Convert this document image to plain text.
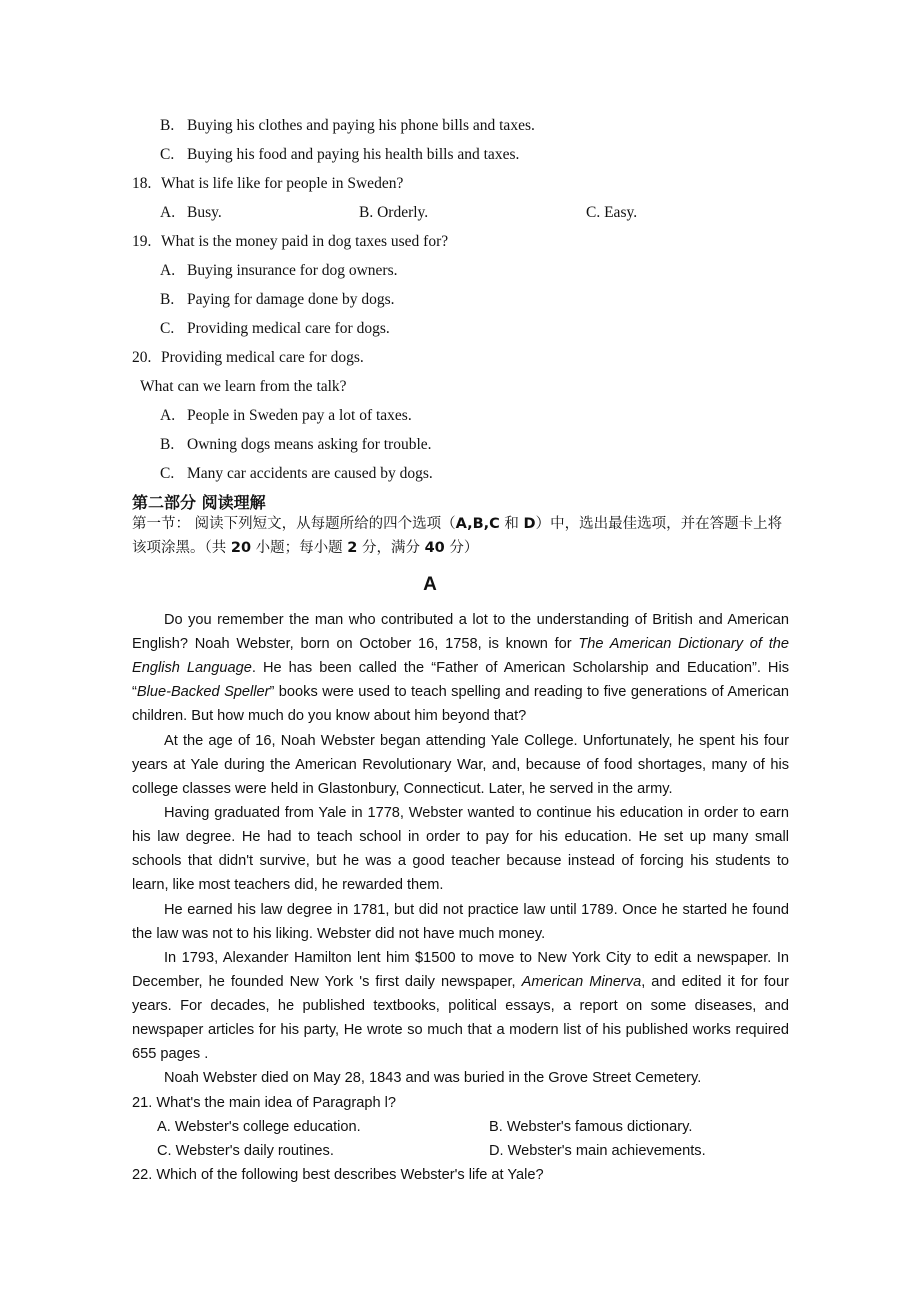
B. Buying his clothes and paying his phone bills and taxes.
C. Buying his food and paying his health bills and taxes.
18. What is life like for people in Sweden?
A. Busy.	B. Orderly.	C. Easy.
19. What is the money paid in dog taxes used for?
A. Buying insurance for dog owners.
B. Paying for damage done by dogs.
C. Providing medical care for dogs.
20. Providing medical care for dogs.
What can we learn from the talk?
A. People in Sweden pay a lot of taxes.
B. Owning dogs means asking for trouble.
C. Many car accidents are caused by dogs.
第二部分 阅读理解

第一节： 阅读下列短文，从每题所给的四个选项（A,B,C 和 D）中，选出最佳选项，并在答题卡上将该项涂黑。（共 20 小题；每小题 2 分，满分 40 分）

A

Do you remember the man who contributed a lot to the understanding of British and American English? Noah Webster, born on October 16, 1758, is known for The American Dictionary of the English Language. He has been called the “Father of American Scholarship and Education”. His “Blue-Backed Speller” books were used to teach spelling and reading to five generations of American children. But how much do you know about him beyond that?

At the age of 16, Noah Webster began attending Yale College. Unfortunately, he spent his four years at Yale during the American Revolutionary War, and, because of food shortages, many of his college classes were held in Glastonbury, Connecticut. Later, he served in the army.

Having graduated from Yale in 1778, Webster wanted to continue his education in order to earn his law degree. He had to teach school in order to pay for his education. He set up many small schools that didn't survive, but he was a good teacher because instead of forcing his students to learn, like most teachers did, he rewarded them.

He earned his law degree in 1781, but did not practice law until 1789. Once he started he found the law was not to his liking. Webster did not have much money.

In 1793, Alexander Hamilton lent him $1500 to move to New York City to edit a newspaper. In December, he founded New York 's first daily newspaper, American Minerva, and edited it for four years. For decades, he published textbooks, political essays, a report on some diseases, and newspaper articles for his party, He wrote so much that a modern list of his published works required 655 pages .

Noah Webster died on May 28, 1843 and was buried in the Grove Street Cemetery.

21. What's the main idea of Paragraph l?
A. Webster's college education.	B. Webster's famous dictionary.
C. Webster's daily routines.	D. Webster's main achievements.
22. Which of the following best describes Webster's life at Yale?
